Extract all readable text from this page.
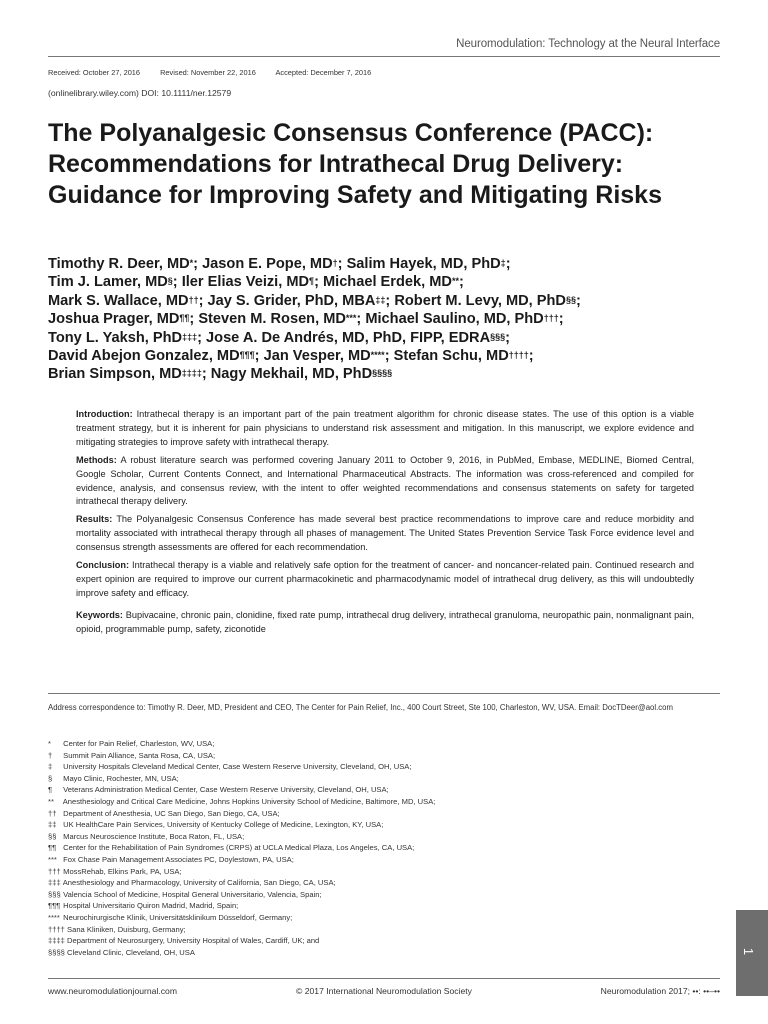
Neuromodulation: Technology at the Neural Interface
Received: October 27, 2016	Revised: November 22, 2016	Accepted: December 7, 2016
(onlinelibrary.wiley.com) DOI: 10.1111/ner.12579
The Polyanalgesic Consensus Conference (PACC): Recommendations for Intrathecal Drug Delivery: Guidance for Improving Safety and Mitigating Risks
Timothy R. Deer, MD*; Jason E. Pope, MD†; Salim Hayek, MD, PhD‡;
Tim J. Lamer, MD§; Iler Elias Veizi, MD¶; Michael Erdek, MD**;
Mark S. Wallace, MD††; Jay S. Grider, PhD, MBA‡‡; Robert M. Levy, MD, PhD§§;
Joshua Prager, MD¶¶; Steven M. Rosen, MD***; Michael Saulino, MD, PhD†††;
Tony L. Yaksh, PhD‡‡‡; Jose A. De Andrés, MD, PhD, FIPP, EDRA§§§;
David Abejon Gonzalez, MD¶¶¶; Jan Vesper, MD****; Stefan Schu, MD††††;
Brian Simpson, MD‡‡‡‡; Nagy Mekhail, MD, PhD§§§§

Introduction: Intrathecal therapy is an important part of the pain treatment algorithm for chronic disease states. The use of this option is a viable treatment strategy, but it is inherent for pain physicians to understand risk assessment and mitigation. In this manuscript, we explore evidence and mitigating strategies to improve safety with intrathecal therapy.

Methods: A robust literature search was performed covering January 2011 to October 9, 2016, in PubMed, Embase, MEDLINE, Biomed Central, Google Scholar, Current Contents Connect, and International Pharmaceutical Abstracts. The information was cross-referenced and compiled for evidence, analysis, and consensus review, with the intent to offer weighted recommendations and consensus statements on safety for targeted intrathecal therapy delivery.

Results: The Polyanalgesic Consensus Conference has made several best practice recommendations to improve care and reduce morbidity and mortality associated with intrathecal therapy through all phases of management. The United States Prevention Service Task Force evidence level and consensus strength assessments are offered for each recommendation.

Conclusion: Intrathecal therapy is a viable and relatively safe option for the treatment of cancer- and noncancer-related pain. Continued research and expert opinion are required to improve our current pharmacokinetic and pharmacodynamic model of intrathecal drug delivery, as this will undoubtedly improve safety and efficacy.

Keywords: Bupivacaine, chronic pain, clonidine, fixed rate pump, intrathecal drug delivery, intrathecal granuloma, neuropathic pain, nonmalignant pain, opioid, programmable pump, safety, ziconotide

Address correspondence to: Timothy R. Deer, MD, President and CEO, The Center for Pain Relief, Inc., 400 Court Street, Ste 100, Charleston, WV, USA. Email: DocTDeer@aol.com
* Center for Pain Relief, Charleston, WV, USA;
† Summit Pain Alliance, Santa Rosa, CA, USA;
‡ University Hospitals Cleveland Medical Center, Case Western Reserve University, Cleveland, OH, USA;
§ Mayo Clinic, Rochester, MN, USA;
¶ Veterans Administration Medical Center, Case Western Reserve University, Cleveland, OH, USA;
** Anesthesiology and Critical Care Medicine, Johns Hopkins University School of Medicine, Baltimore, MD, USA;
†† Department of Anesthesia, UC San Diego, San Diego, CA, USA;
‡‡ UK HealthCare Pain Services, University of Kentucky College of Medicine, Lexington, KY, USA;
§§ Marcus Neuroscience Institute, Boca Raton, FL, USA;
¶¶ Center for the Rehabilitation of Pain Syndromes (CRPS) at UCLA Medical Plaza, Los Angeles, CA, USA;
*** Fox Chase Pain Management Associates PC, Doylestown, PA, USA;
††† MossRehab, Elkins Park, PA, USA;
‡‡‡ Anesthesiology and Pharmacology, University of California, San Diego, CA, USA;
§§§ Valencia School of Medicine, Hospital General Universitario, Valencia, Spain;
¶¶¶ Hospital Universitario Quiron Madrid, Madrid, Spain;
**** Neurochirurgische Klinik, Universitätsklinikum Düsseldorf, Germany;
†††† Sana Kliniken, Duisburg, Germany;
‡‡‡‡ Department of Neurosurgery, University Hospital of Wales, Cardiff, UK; and
§§§§ Cleveland Clinic, Cleveland, OH, USA	1
© 2017 International Neuromodulation Society
www.neuromodulationjournal.com	Neuromodulation 2017; ••: ••–••
